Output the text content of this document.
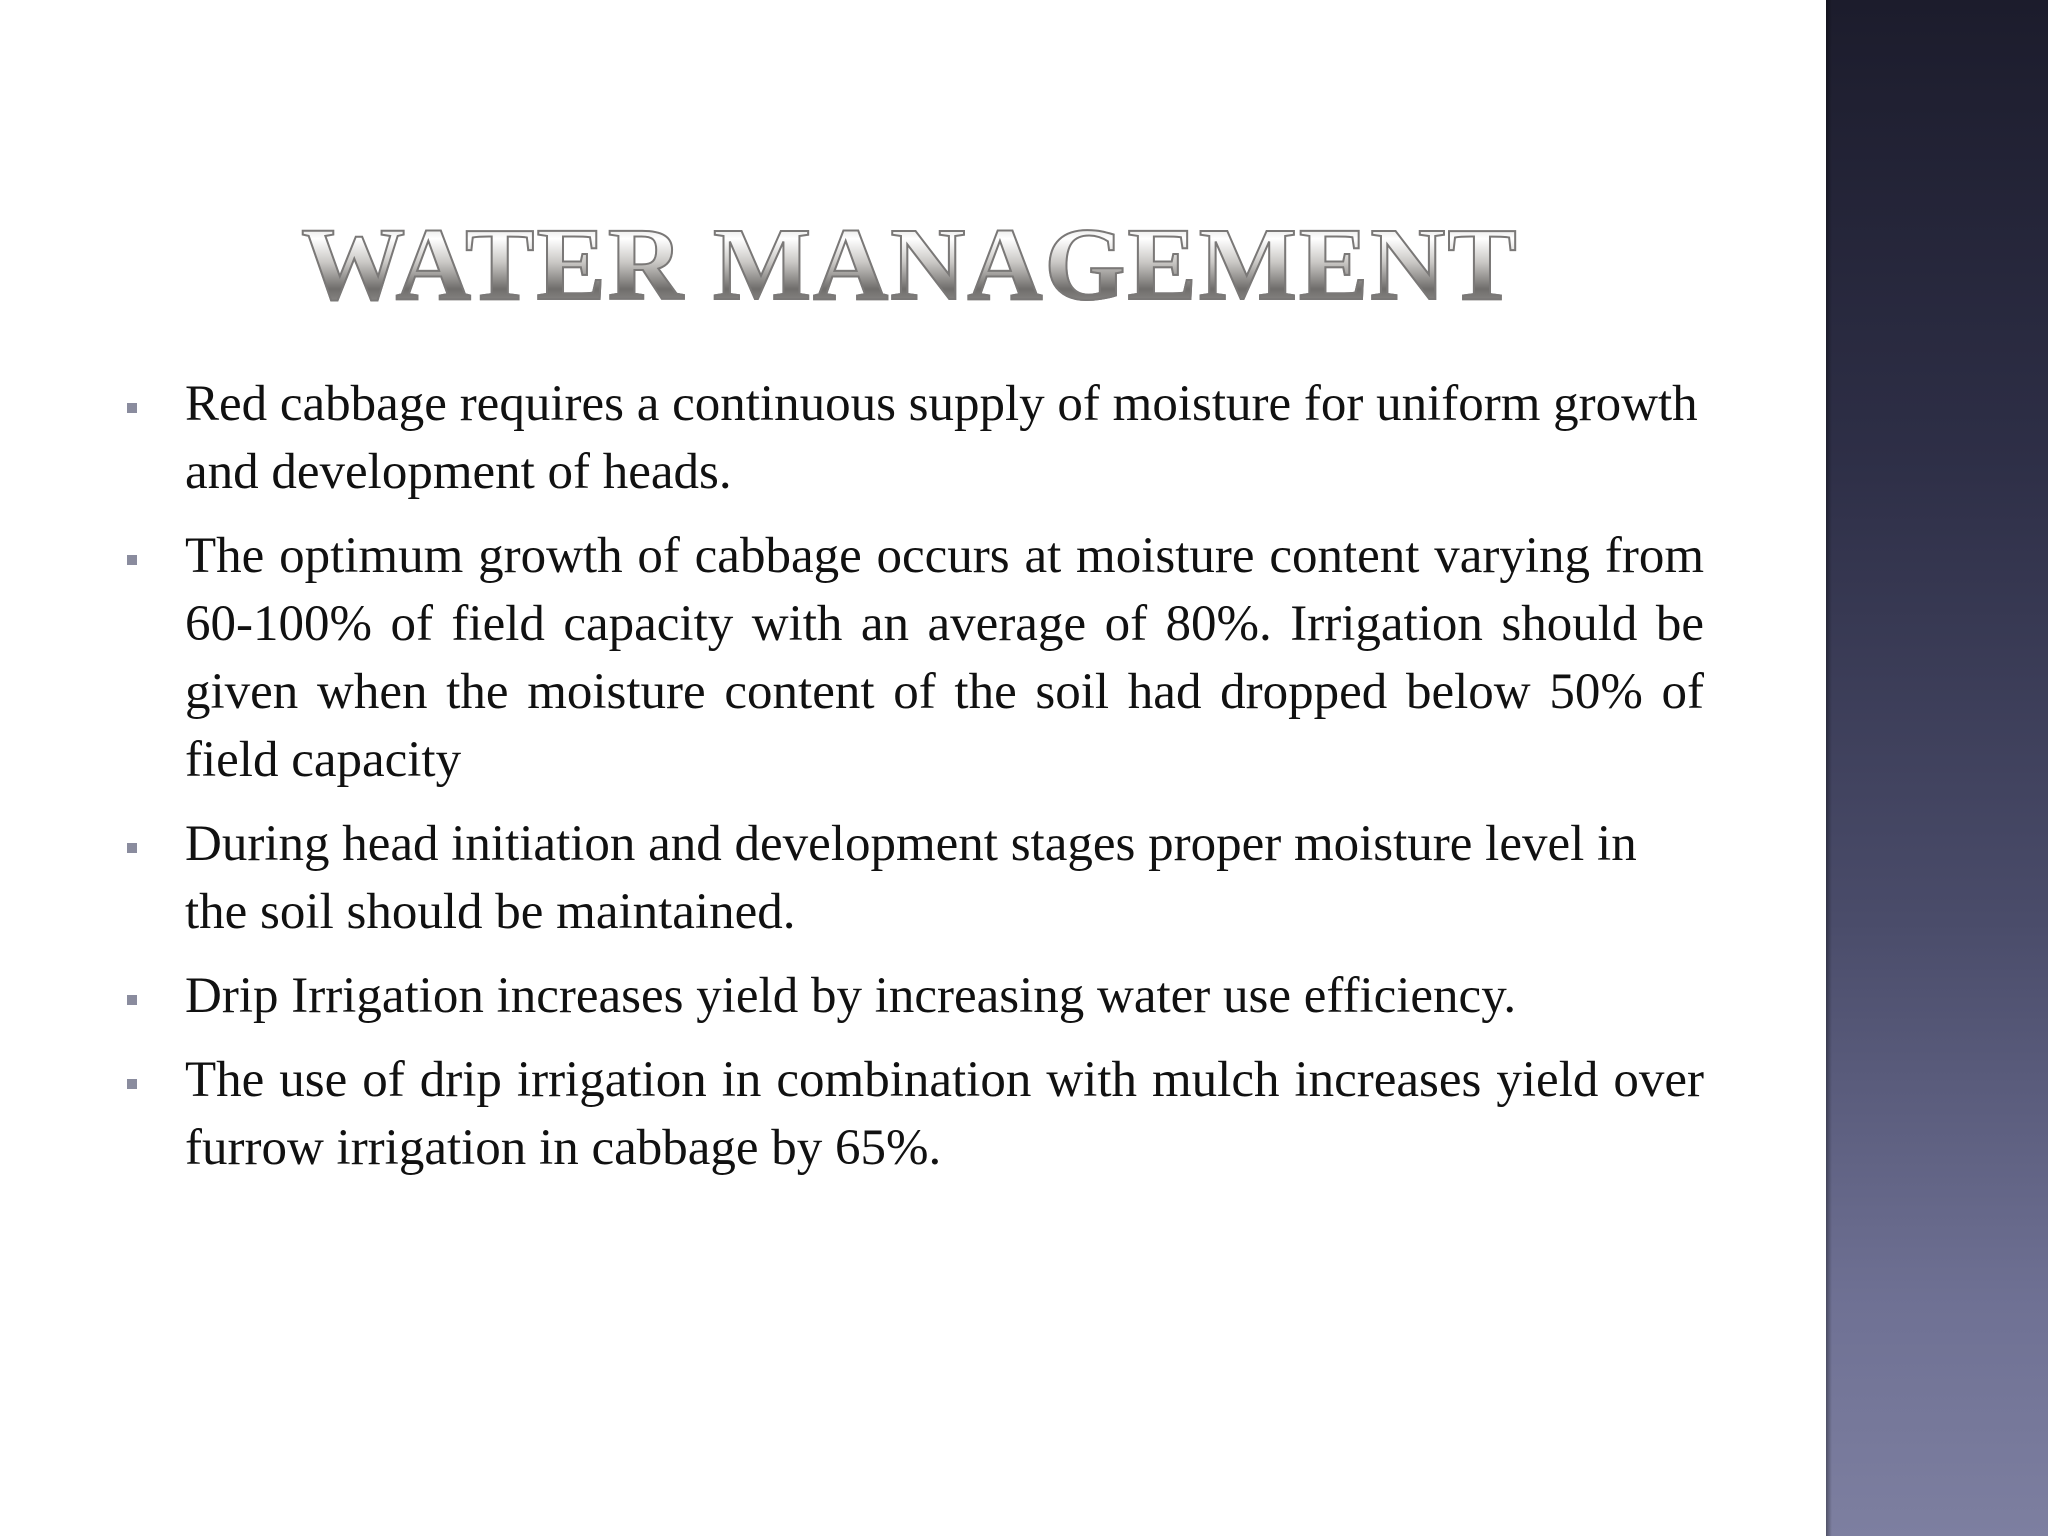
WATER MANAGEMENT
Red cabbage requires a continuous supply of moisture for uniform growth and development of heads.
The optimum growth of cabbage occurs at moisture content varying from 60-100% of field capacity with an average of 80%. Irrigation should be given when the moisture content of the soil had dropped below 50% of field capacity
During head initiation and development stages proper moisture level in the soil should be maintained.
Drip Irrigation increases yield by increasing water use efficiency.
The use of drip irrigation in combination with mulch increases yield over furrow irrigation in cabbage by 65%.
